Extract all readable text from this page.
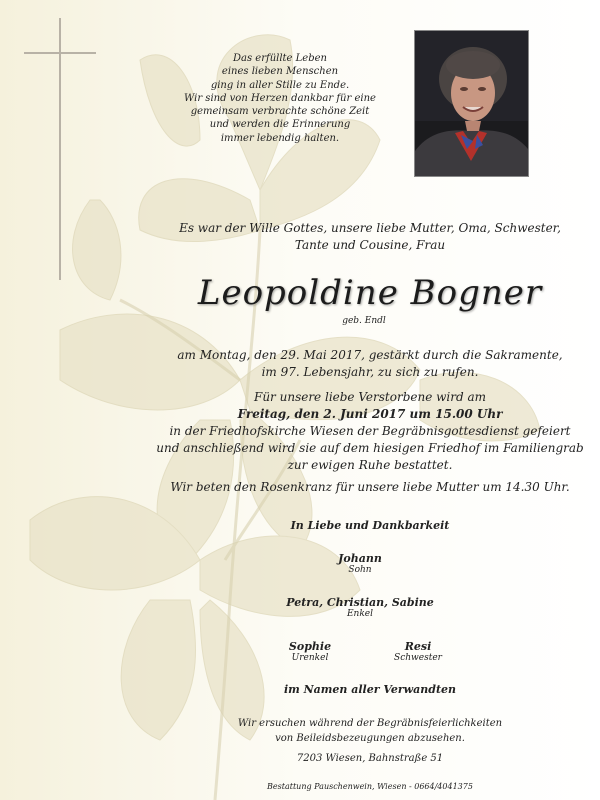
Das erfüllte Leben
eines lieben Menschen
ging in aller Stille zu Ende.
Wir sind von Herzen dankbar für eine
gemeinsam verbrachte schöne Zeit
und werden die Erinnerung
immer lebendig halten.
Es war der Wille Gottes, unsere liebe Mutter, Oma, Schwester,
Tante und Cousine, Frau
Leopoldine Bogner
geb. Endl
am Montag, den 29. Mai 2017, gestärkt durch die Sakramente,
im 97. Lebensjahr, zu sich zu rufen.
Für unsere liebe Verstorbene wird am
Freitag, den 2. Juni 2017 um 15.00 Uhr
in der Friedhofskirche Wiesen der Begräbnisgottesdienst gefeiert
und anschließend wird sie auf dem hiesigen Friedhof im Familiengrab
zur ewigen Ruhe bestattet.
Wir beten den Rosenkranz für unsere liebe Mutter um 14.30 Uhr.
In Liebe und Dankbarkeit
Johann
Sohn
Petra, Christian, Sabine
Enkel
Sophie
Urenkel
Resi
Schwester
im Namen aller Verwandten
Wir ersuchen während der Begräbnisfeierlichkeiten
von Beileidsbezeugungen abzusehen.
7203 Wiesen, Bahnstraße 51
Bestattung Pauschenwein, Wiesen - 0664/4041375
